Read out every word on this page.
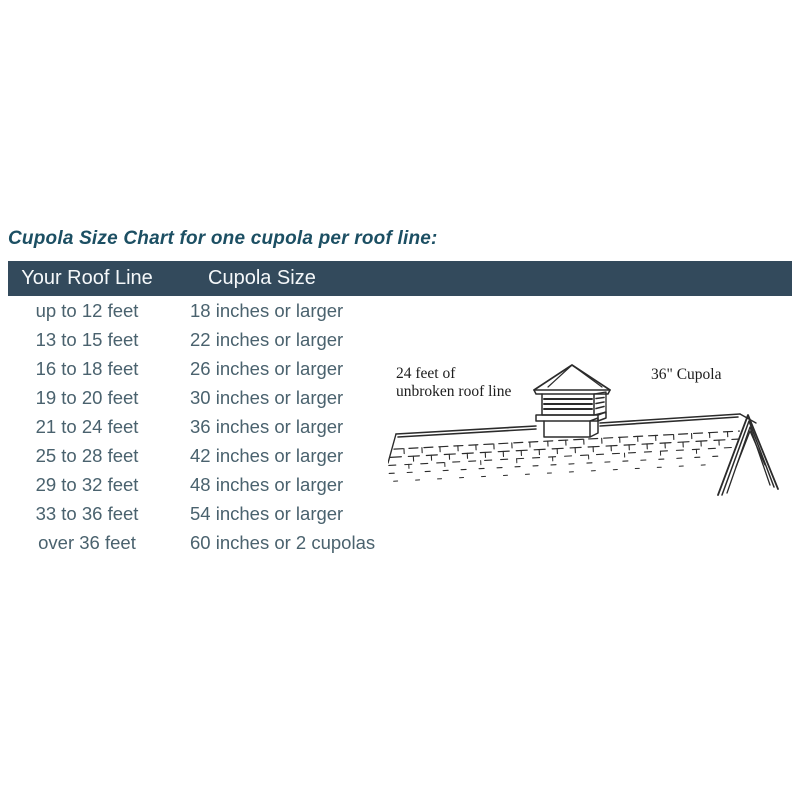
Cupola Size Chart for one cupola per roof line:
Your Roof Line	Cupola Size
up to 12 feet	18 inches or larger
13 to 15 feet	22 inches or larger
16 to 18 feet	26 inches or larger
19 to 20 feet	30 inches or larger
21 to 24 feet	36 inches or larger
25 to 28 feet	42 inches or larger
29 to 32 feet	48 inches or larger
33 to 36 feet	54 inches or larger
over 36 feet	60 inches or 2 cupolas
24 feet of
unbroken roof line
36" Cupola
